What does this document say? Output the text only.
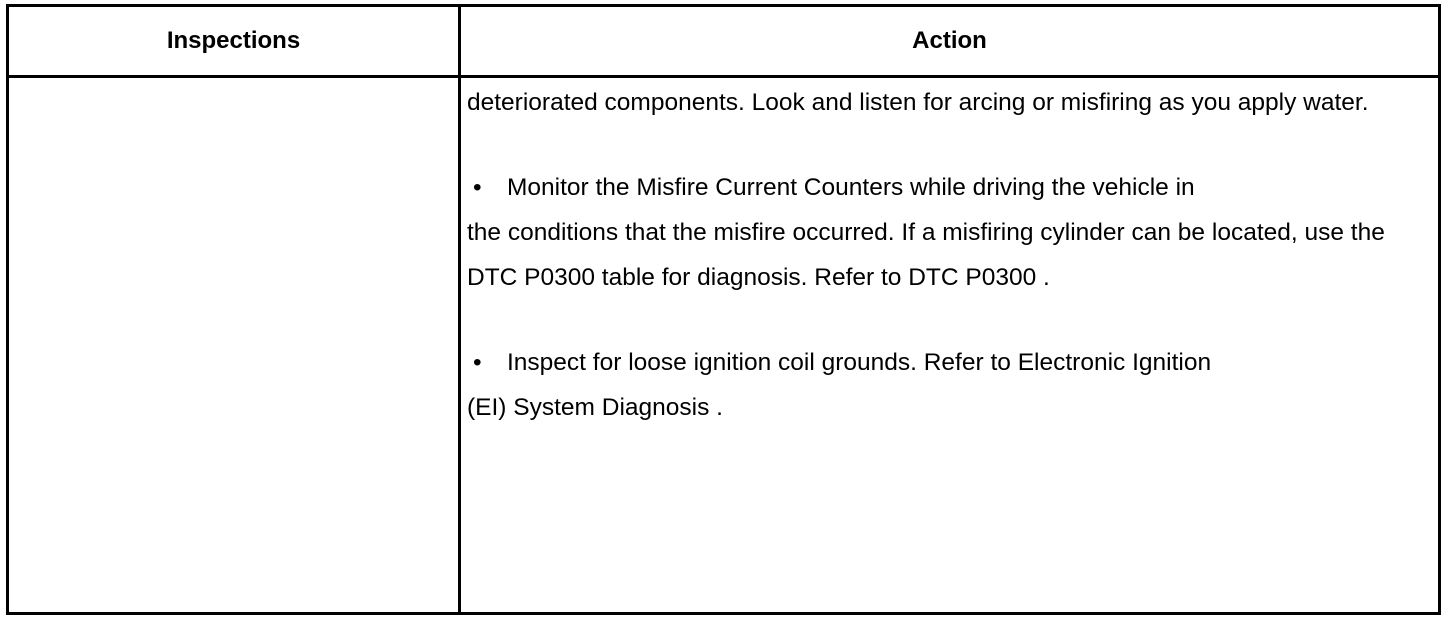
Inspections	Action

deteriorated components. Look and listen for arcing or misfiring as you apply water.

• Monitor the Misfire Current Counters while driving the vehicle in
the conditions that the misfire occurred. If a misfiring cylinder can be located, use the DTC P0300 table for diagnosis. Refer to DTC P0300 .

• Inspect for loose ignition coil grounds. Refer to Electronic Ignition
(EI) System Diagnosis .
